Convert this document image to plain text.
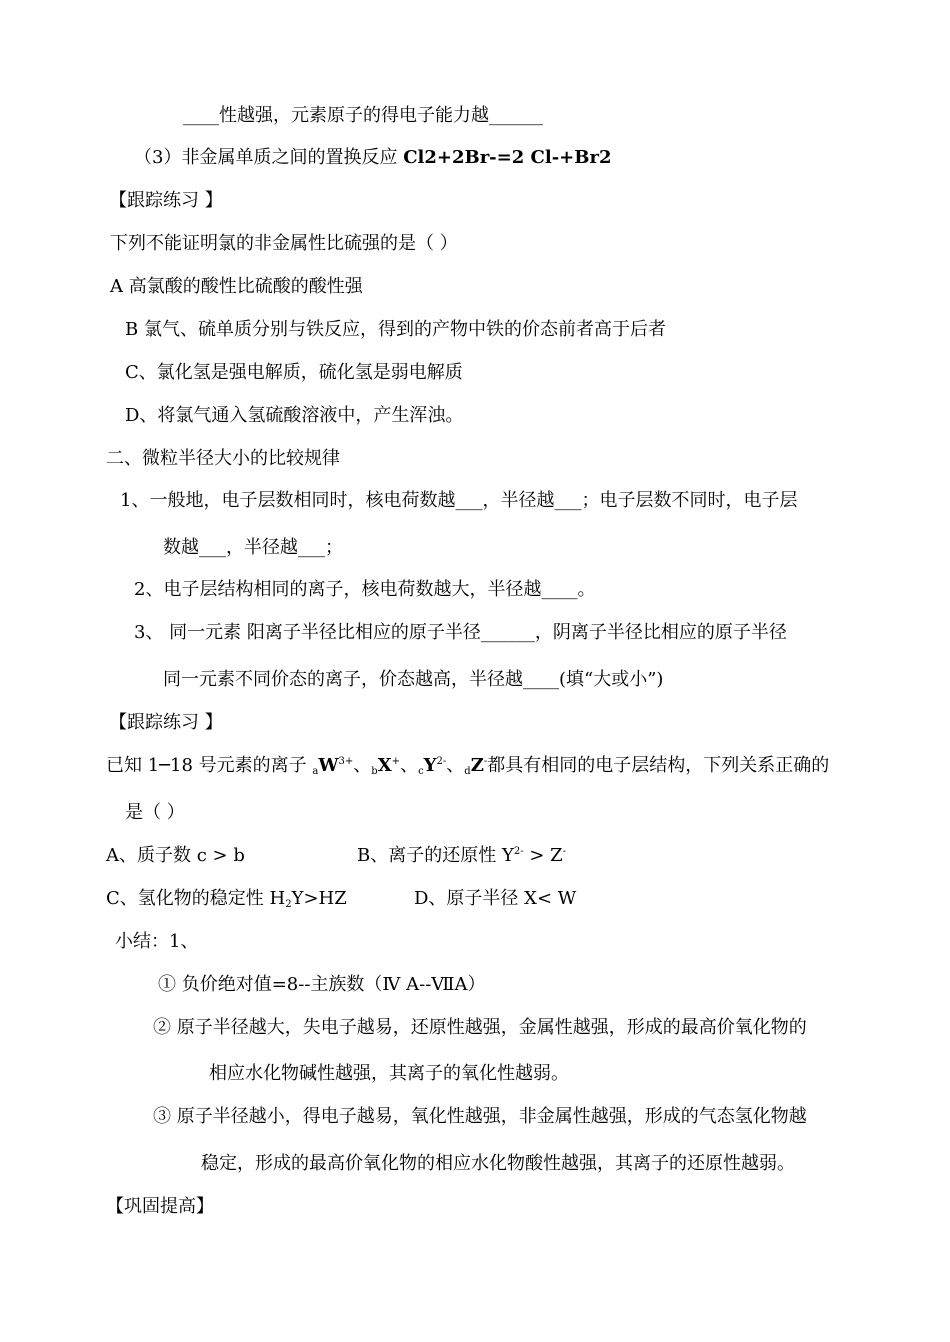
____性越强，元素原子的得电子能力越______
（3）非金属单质之间的置换反应 Cl2+2Br-=2 Cl-+Br2
【跟踪练习 】
下列不能证明氯的非金属性比硫强的是（ ）
A 高氯酸的酸性比硫酸的酸性强
B 氯气、硫单质分别与铁反应，得到的产物中铁的价态前者高于后者
C、氯化氢是强电解质，硫化氢是弱电解质
D、将氯气通入氢硫酸溶液中，产生浑浊。
二、微粒半径大小的比较规律
1、一般地，电子层数相同时，核电荷数越___，半径越___；电子层数不同时，电子层
数越___，半径越___；
2、电子层结构相同的离子，核电荷数越大，半径越____。
3、 同一元素 阳离子半径比相应的原子半径______，阴离子半径比相应的原子半径
同一元素不同价态的离子，价态越高，半径越____(填“大或小”)
【跟踪练习 】
已知 1─18 号元素的离子 $_aW^{3+}$、$_b$X+、$_cY^{2-}$、$_d$Z-都具有相同的电子层结构，下列关系正确的
是（ ）
A、质子数 c > b	B、离子的还原性 $Y^{2-} > Z^-$
C、氢化物的稳定性 $H_2Y>HZ$	D、原子半径 X< W
小结：1、
① 负价绝对值=8--主族数（Ⅳ A--ⅦA）
② 原子半径越大，失电子越易，还原性越强，金属性越强，形成的最高价氧化物的
相应水化物碱性越强，其离子的氧化性越弱。
③ 原子半径越小，得电子越易，氧化性越强，非金属性越强，形成的气态氢化物越
稳定，形成的最高价氧化物的相应水化物酸性越强，其离子的还原性越弱。
【巩固提高】
